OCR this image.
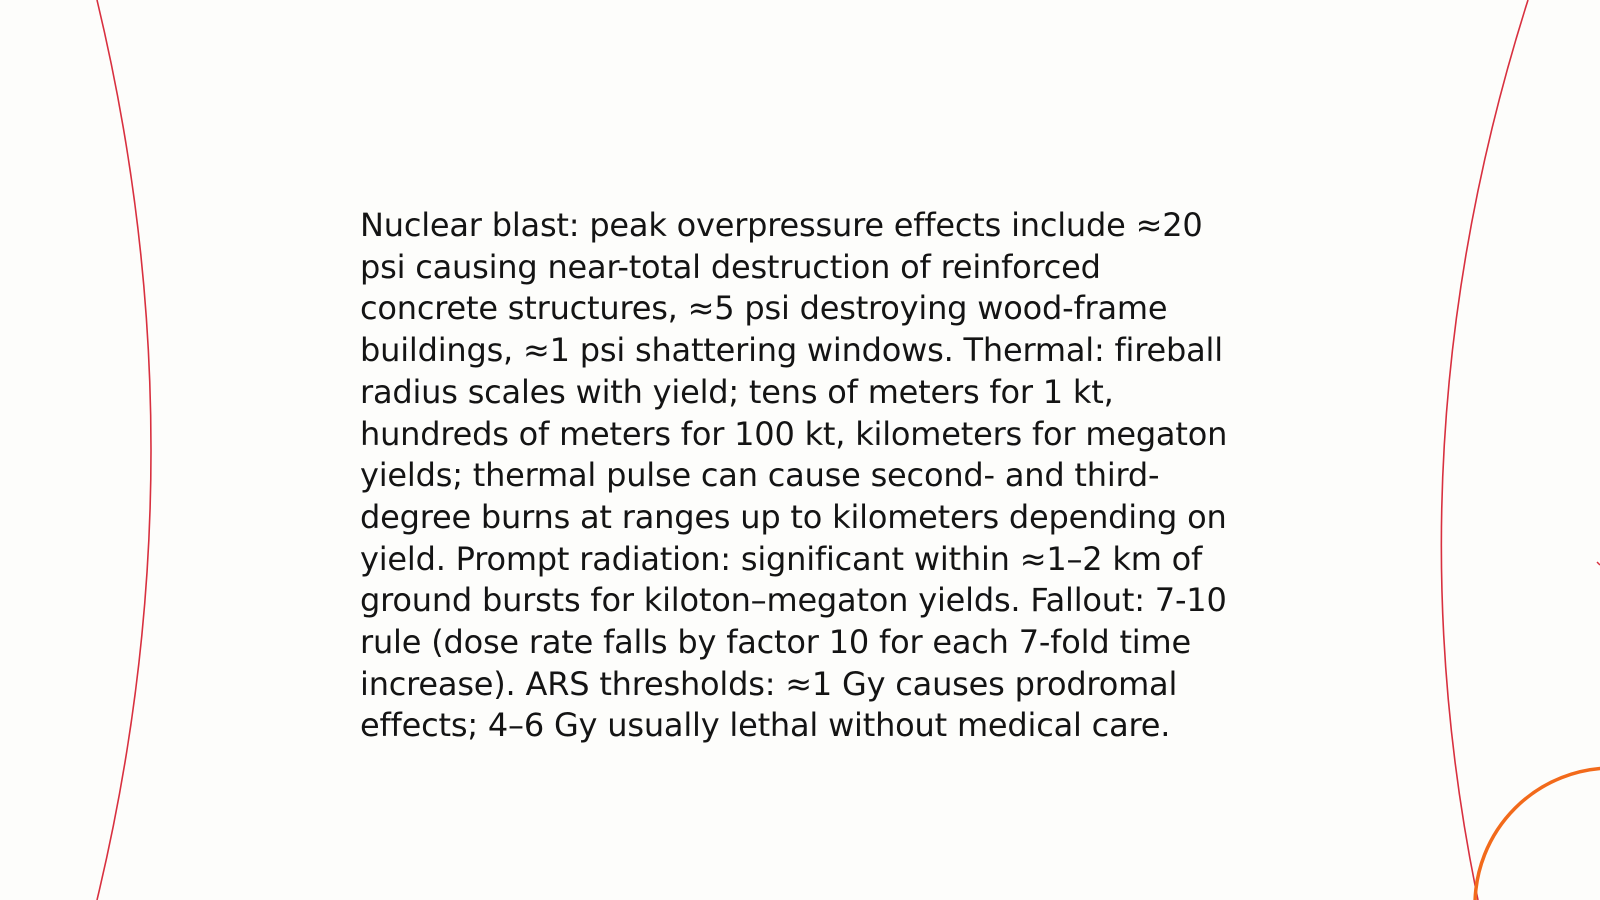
Nuclear blast: peak overpressure effects include ≈20 psi causing near-total destruction of reinforced concrete structures, ≈5 psi destroying wood-frame buildings, ≈1 psi shattering windows. Thermal: fireball radius scales with yield; tens of meters for 1 kt, hundreds of meters for 100 kt, kilometers for megaton yields; thermal pulse can cause second- and third-degree burns at ranges up to kilometers depending on yield. Prompt radiation: significant within ≈1–2 km of ground bursts for kiloton–megaton yields. Fallout: 7-10 rule (dose rate falls by factor 10 for each 7-fold time increase). ARS thresholds: ≈1 Gy causes prodromal effects; 4–6 Gy usually lethal without medical care.
